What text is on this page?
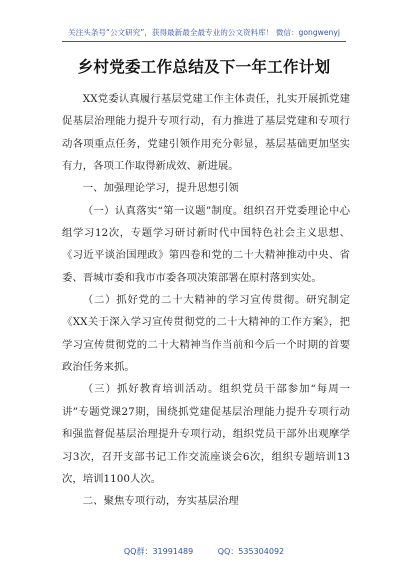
关注头条号“公文研究”，获得最新最全最专业的公文资料库！ 微信：gongwenyj
乡村党委工作总结及下一年工作计划

XX党委认真履行基层党建工作主体责任，扎实开展抓党建促基层治理能力提升专项行动，有力推进了基层党建和专项行动各项重点任务，党建引领作用充分彰显，基层基础更加坚实有力，各项工作取得新成效、新进展。

一、加强理论学习，提升思想引领

（一）认真落实“第一议题”制度。组织召开党委理论中心组学习12次，专题学习研讨新时代中国特色社会主义思想、《习近平谈治国理政》第四卷和党的二十大精神推动中央、省委、晋城市委和我市市委各项决策部署在原村落到实处。

（二）抓好党的二十大精神的学习宣传贯彻。研究制定《XX关于深入学习宣传贯彻党的二十大精神的工作方案》，把学习宣传贯彻党的二十大精神当作当前和今后一个时期的首要政治任务来抓。

（三）抓好教育培训活动。组织党员干部参加“每周一讲”专题党课27期，围绕抓党建促基层治理能力提升专项行动和强监督促基层治理提升专项行动，组织党员干部外出观摩学习3次，召开支部书记工作交流座谈会6次，组织专题培训13次，培训1100人次。

二、聚焦专项行动，夯实基层治理

QQ群：31991489	QQ：535304092
